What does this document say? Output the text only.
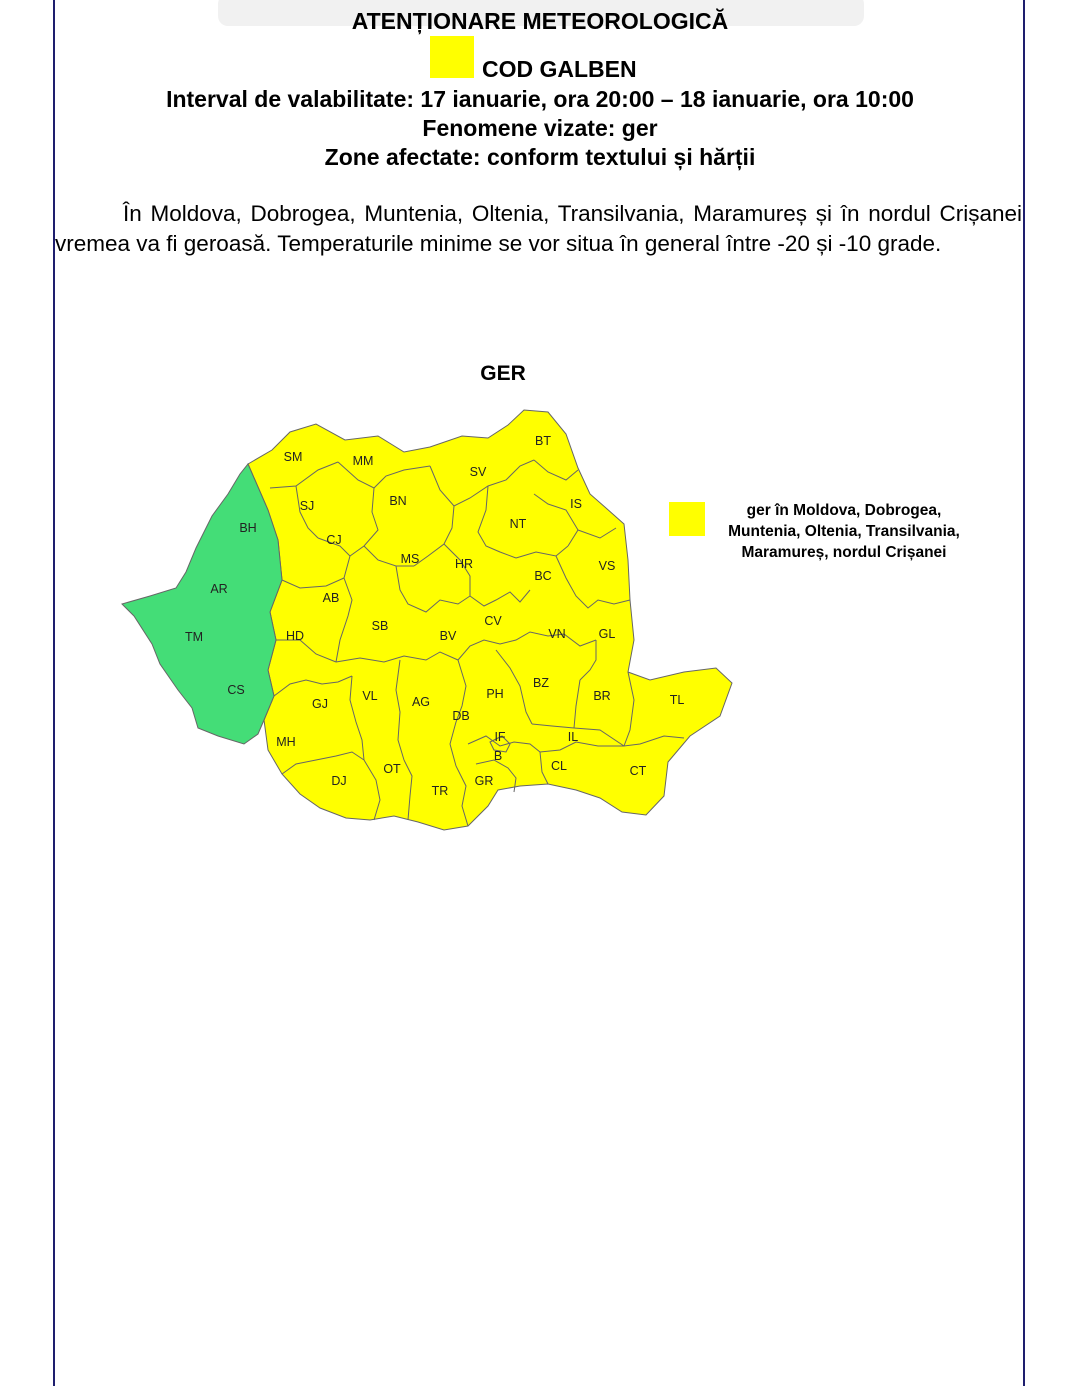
ATENȚIONARE METEOROLOGICĂ
COD GALBEN
Interval de valabilitate: 17 ianuarie, ora 20:00 – 18 ianuarie, ora 10:00
Fenomene vizate: ger
Zone afectate: conform textului și hărții
În Moldova, Dobrogea, Muntenia, Oltenia, Transilvania, Maramureș și în nordul Crișanei vremea va fi geroasă. Temperaturile minime se vor situa în general între -20 și -10 grade.
GER
SM	MM
BT
SV
SJ	BN	IS
NT
BH
CJ
MS	HR	VS
BC
AR
AB
SB	CV
TM	HD	BV	VN	GL
CS
GJ
VL	AG
PH
BZ
BR	TL
DB
MH	IF
B
IL
CL	CT
OT
DJ
TR
GR
ger în Moldova, Dobrogea, Muntenia, Oltenia, Transilvania, Maramureș, nordul Crișanei
